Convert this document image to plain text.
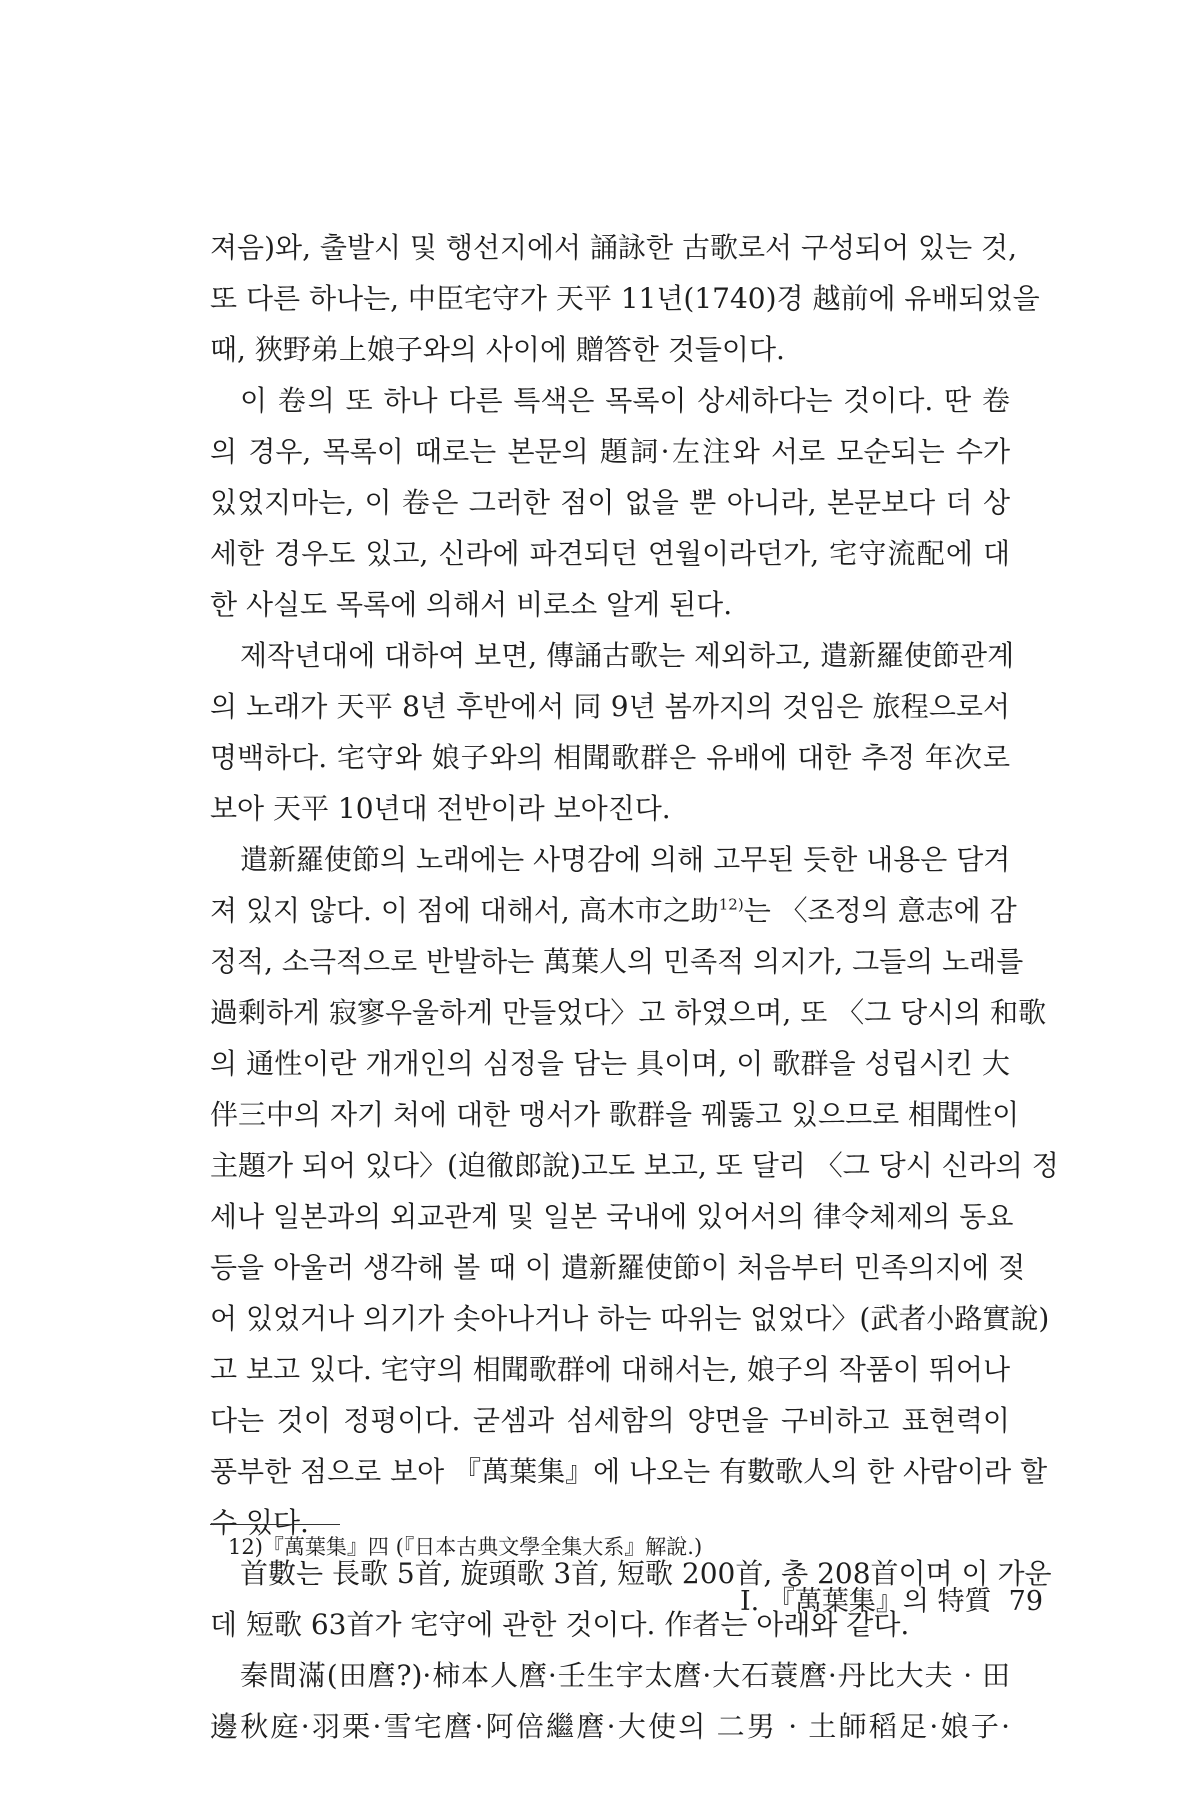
져음)와, 출발시 및 행선지에서 誦詠한 古歌로서 구성되어 있는 것,
또 다른 하나는, 中臣宅守가 天平 11년(1740)경 越前에 유배되었을
때, 狹野弟上娘子와의 사이에 贈答한 것들이다.
이 卷의 또 하나 다른 특색은 목록이 상세하다는 것이다. 딴 卷
의 경우, 목록이 때로는 본문의 題詞·左注와 서로 모순되는 수가
있었지마는, 이 卷은 그러한 점이 없을 뿐 아니라, 본문보다 더 상
세한 경우도 있고, 신라에 파견되던 연월이라던가, 宅守流配에 대
한 사실도 목록에 의해서 비로소 알게 된다.
제작년대에 대하여 보면, 傳誦古歌는 제외하고, 遣新羅使節관계
의 노래가 天平 8년 후반에서 同 9년 봄까지의 것임은 旅程으로서
명백하다. 宅守와 娘子와의 相聞歌群은 유배에 대한 추정 年次로
보아 天平 10년대 전반이라 보아진다.
遣新羅使節의 노래에는 사명감에 의해 고무된 듯한 내용은 담겨
져 있지 않다. 이 점에 대해서, 高木市之助$^{12)}$는 〈조정의 意志에 감
정적, 소극적으로 반발하는 萬葉人의 민족적 의지가, 그들의 노래를
過剩하게 寂寥우울하게 만들었다〉고 하였으며, 또 〈그 당시의 和歌
의 通性이란 개개인의 심정을 담는 具이며, 이 歌群을 성립시킨 大
伴三中의 자기 처에 대한 맹서가 歌群을 꿰뚫고 있으므로 相聞性이
主題가 되어 있다〉(迫徹郎說)고도 보고, 또 달리 〈그 당시 신라의 정
세나 일본과의 외교관계 및 일본 국내에 있어서의 律令체제의 동요
등을 아울러 생각해 볼 때 이 遣新羅使節이 처음부터 민족의지에 젖
어 있었거나 의기가 솟아나거나 하는 따위는 없었다〉(武者小路實說)
고 보고 있다. 宅守의 相聞歌群에 대해서는, 娘子의 작품이 뛰어나
다는 것이 정평이다. 굳셈과 섬세함의 양면을 구비하고 표현력이
풍부한 점으로 보아 『萬葉集』에 나오는 有數歌人의 한 사람이라 할
수 있다.
首數는 長歌 5首, 旋頭歌 3首, 短歌 200首, 총 208首이며 이 가운
데 短歌 63首가 宅守에 관한 것이다. 作者는 아래와 같다.
秦間滿(田麿?)·柿本人麿·壬生宇太麿·大石蓑麿·丹比大夫 · 田
邊秋庭·羽栗·雪宅麿·阿倍繼麿·大使의 二男 · 土師稻足·娘子·
12)『萬葉集』四 (『日本古典文學全集大系』解說.)
I. 『萬葉集』의 特質 79
